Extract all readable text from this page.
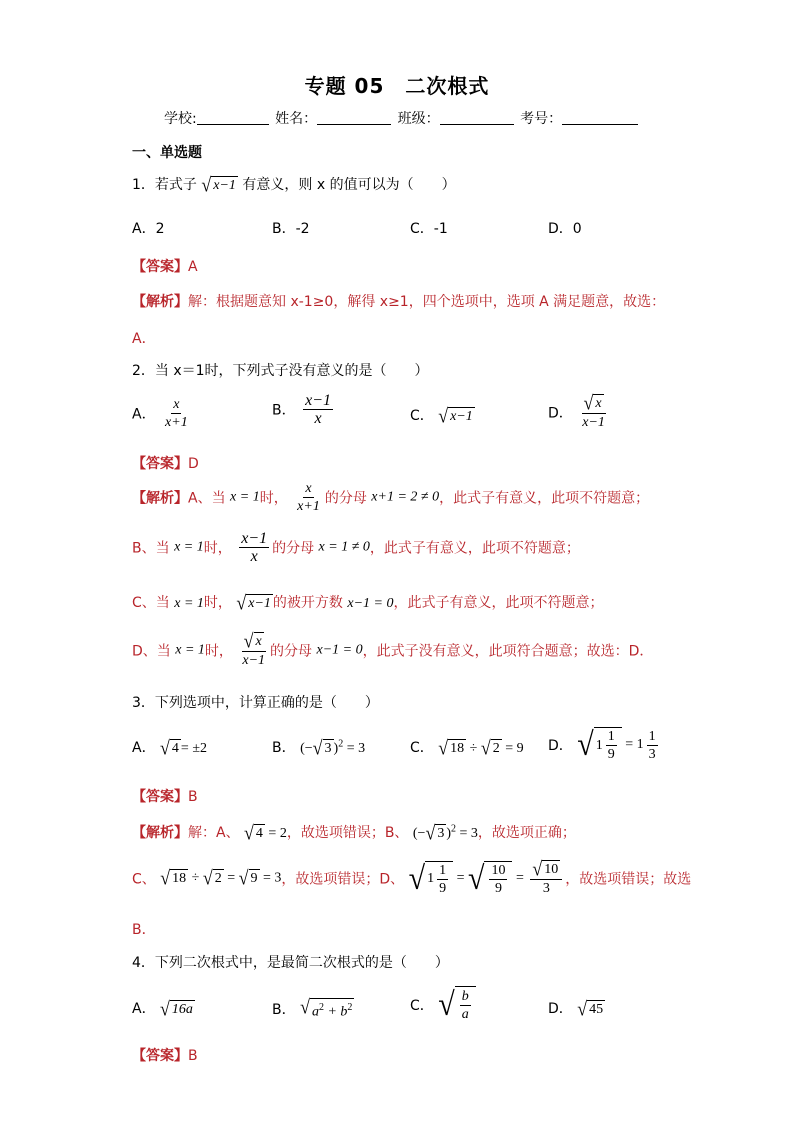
专题 05　二次根式
学校:	姓名：	班级：	考号：
一、单选题
1．若式子 √ x−1 有意义，则 x 的值可以为（　　）
A．2	B．-2	C．-1	D．0
【答案】A
【解析】解：根据题意知 x-1≥0，解得 x≥1，四个选项中，选项 A 满足题意，故选：
A．
2．当 x＝1时，下列式子没有意义的是（　　）
A． $\frac{x}{x+1}$	B． $\frac{x-1}{x}$	C． √ x−1	D． $\frac{√ x}{x-1}$
【答案】D
【解析】A、当 x = 1时， $\frac{x}{x+1}$ 的分母 x+1 = 2 ≠ 0，此式子有意义，此项不符题意；
B、当 x = 1时， $\frac{x-1}{x}$ 的分母 x = 1 ≠ 0，此式子有意义，此项不符题意；
C、当 x = 1时， √ x−1 的被开方数 x−1 = 0，此式子有意义，此项不符题意；
D、当 x = 1时， $\frac{√ x}{x-1}$ 的分母 x−1 = 0，此式子没有意义，此项符合题意；故选：D．
3．下列选项中，计算正确的是（　　）
A． √ 4 = ±2	B． (− √ 3 )$^2$ = 3	C． √ 18 ÷ √ 2 = 9 D． √ $1 \frac{1}{9} = 1 \frac{1}{3}$
【答案】B
【解析】解：A、 √ 4 = 2，故选项错误；B、 (− √ 3 )$^2$ = 3，故选项正确；
C、 √ 18 ÷ √ 2 = √ 9 = 3，故选项错误；D、 √ $1 \frac{1}{9}$ = √ $\frac{10}{9} = \frac{√ 10}{3}$ ，故选项错误；故选
B．
4．下列二次根式中，是最简二次根式的是（　　）
A． √ 16a	B． √ $a^2 + b^2$	C． √ $\frac{b}{a}$	D． √ 45
【答案】B
